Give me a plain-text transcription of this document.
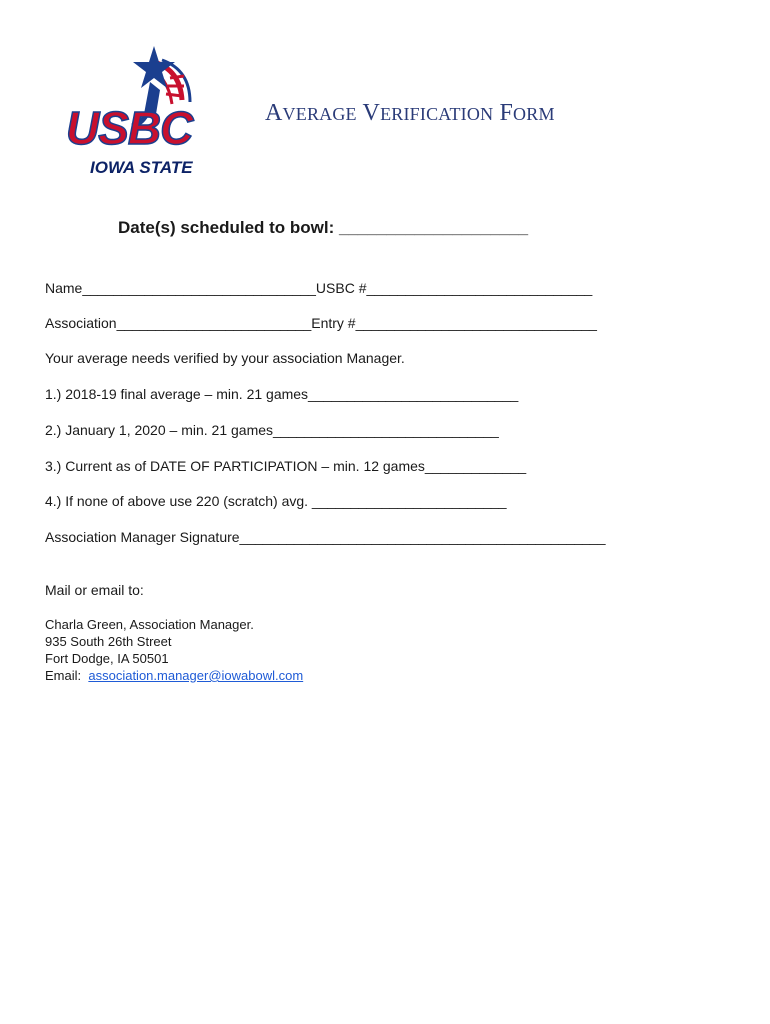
USBC
IOWA STATE
AVERAGE VERIFICATION FORM
Date(s) scheduled to bowl: ____________________
Name______________________________USBC #_____________________________
Association_________________________Entry #_______________________________
Your average needs verified by your association Manager.
1.) 2018-19 final average – min. 21 games___________________________
2.) January 1, 2020 – min. 21 games_____________________________
3.) Current as of DATE OF PARTICIPATION – min. 12 games_____________
4.) If none of above use 220 (scratch) avg. _________________________
Association Manager Signature_______________________________________________
Mail or email to:
Charla Green, Association Manager.
935 South 26th Street
Fort Dodge, IA 50501
Email: association.manager@iowabowl.com
